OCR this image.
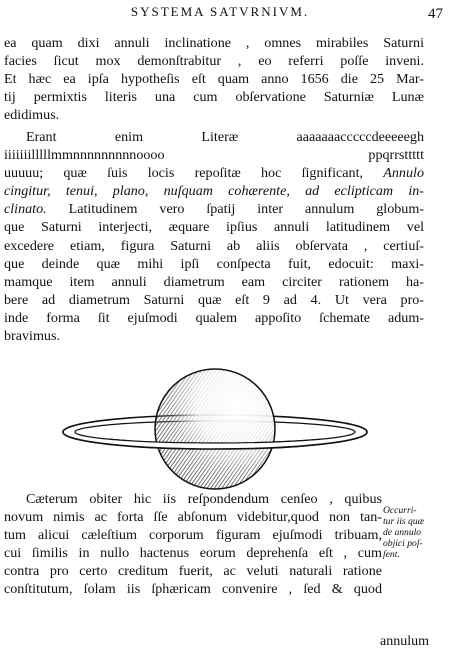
SYSTEMA SATVRNIVM.	47
ea quam dixi annuli inclinatione , omnes mirabiles Saturni
facies ſicut mox demonſtrabitur , eo referri poſſe inveni.
Et hæc ea ipſa hypotheſis eſt quam anno 1656 die 25 Mar-
tij permixtis literis una cum obſervatione Saturniæ Lunæ
edidimus.
Erant enim Literæ aaaaaaacccccdeeeeegh
iiiiiiilllllmmnnnnnnnnnoooo ppqrrsttttt
uuuuu; quæ ſuis locis repoſitæ hoc ſignificant, Annulo
cingitur, tenui, plano, nuſquam cohærente, ad eclipticam in-
clinato. Latitudinem vero ſpatij inter annulum globum-
que Saturni interjecti, æquare ipſius annuli latitudinem vel
excedere etiam, figura Saturni ab aliis obſervata , certiuſ-
que deinde quæ mihi ipſi conſpecta fuit, edocuit: maxi-
mamque item annuli diametrum eam circiter rationem ha-
bere ad diametrum Saturni quæ eſt 9 ad 4. Ut vera pro-
inde forma ſit ejuſmodi qualem appoſito ſchemate adum-
bravimus.
Cæterum obiter hic iis reſpondendum cenſeo , quibus
novum nimis ac forta ſſe abſonum videbitur,quod non tan-
tum alicui cæleſtium corporum figuram ejuſmodi tribuam,
cui ſimilis in nullo hactenus eorum deprehenſa eſt , cum
contra pro certo creditum fuerit, ac veluti naturali ratione
conſtitutum, ſolam iis ſphæricam convenire , ſed & quod
Occurri-
tur iis quæ
de annulo
objici poſ-
ſent.
annulum
